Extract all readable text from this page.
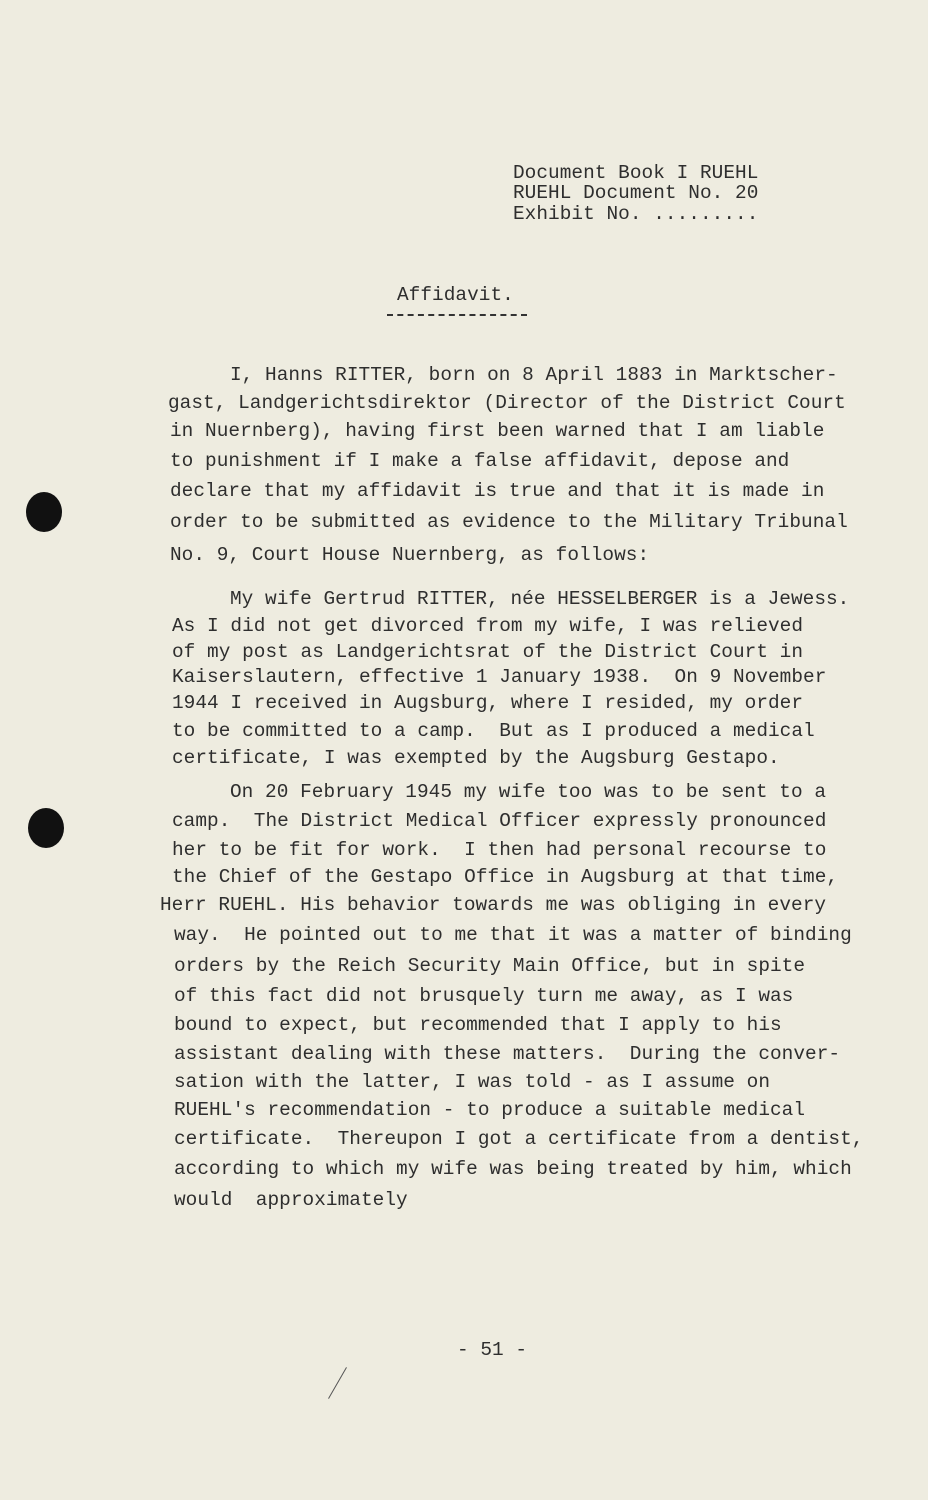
Document Book I RUEHL
RUEHL Document No. 20
Exhibit No. .........
Affidavit.
I, Hanns RITTER, born on 8 April 1883 in Marktscher-
gast, Landgerichtsdirektor (Director of the District Court
in Nuernberg), having first been warned that I am liable
to punishment if I make a false affidavit, depose and
declare that my affidavit is true and that it is made in
order to be submitted as evidence to the Military Tribunal
No. 9, Court House Nuernberg, as follows:
My wife Gertrud RITTER, née HESSELBERGER is a Jewess.
As I did not get divorced from my wife, I was relieved
of my post as Landgerichtsrat of the District Court in
Kaiserslautern, effective 1 January 1938.  On 9 November
1944 I received in Augsburg, where I resided, my order
to be committed to a camp.  But as I produced a medical
certificate, I was exempted by the Augsburg Gestapo.
On 20 February 1945 my wife too was to be sent to a
camp.  The District Medical Officer expressly pronounced
her to be fit for work.  I then had personal recourse to
the Chief of the Gestapo Office in Augsburg at that time,
Herr RUEHL. His behavior towards me was obliging in every
way.  He pointed out to me that it was a matter of binding
orders by the Reich Security Main Office, but in spite
of this fact did not brusquely turn me away, as I was
bound to expect, but recommended that I apply to his
assistant dealing with these matters.  During the conver-
sation with the latter, I was told - as I assume on
RUEHL's recommendation - to produce a suitable medical
certificate.  Thereupon I got a certificate from a dentist,
according to which my wife was being treated by him, which
would  approximately
- 51 -
